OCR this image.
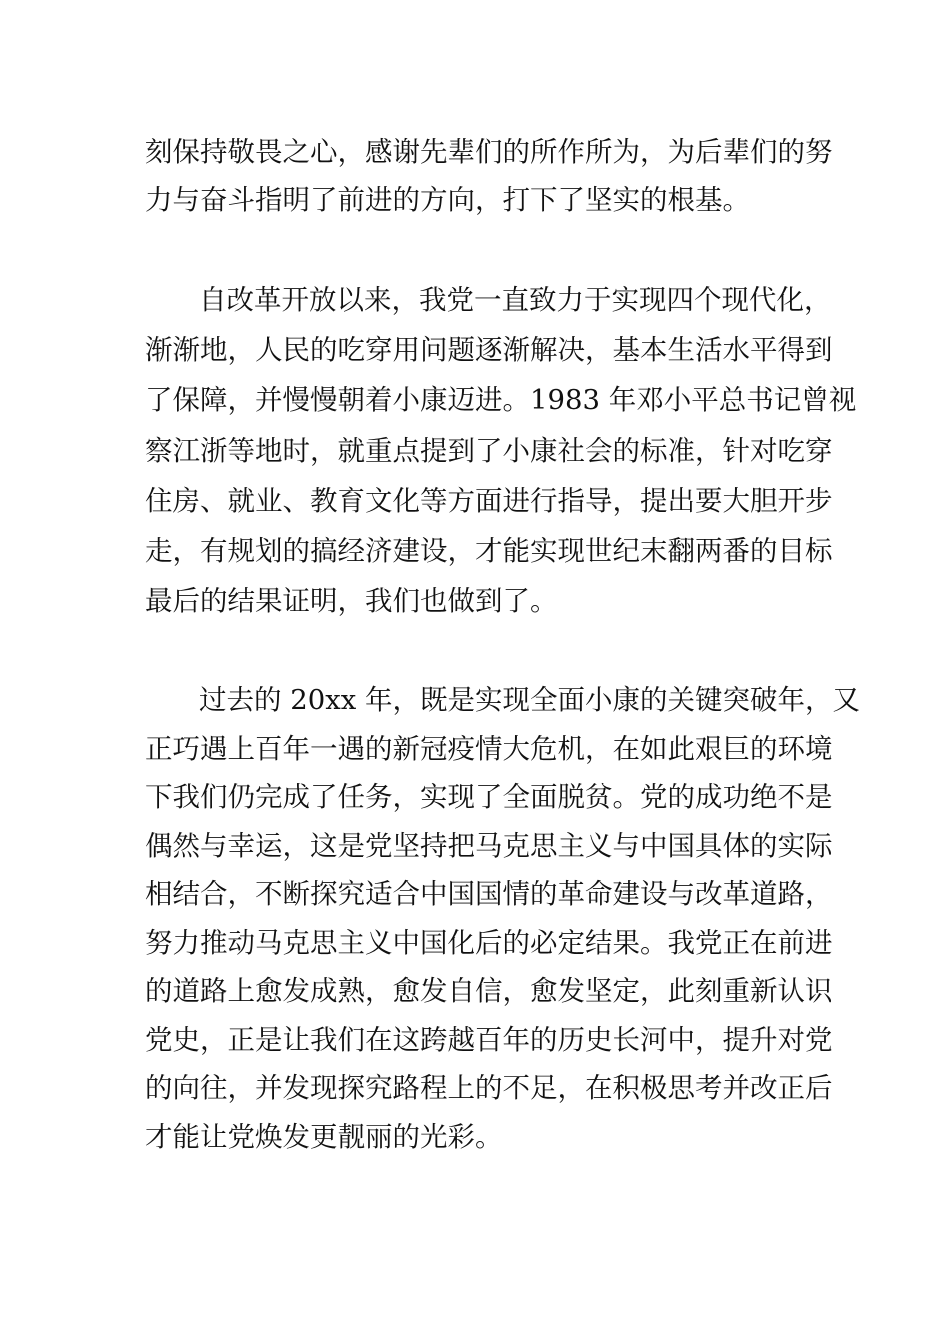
刻保持敬畏之心，感谢先辈们的所作所为，为后辈们的努
力与奋斗指明了前进的方向，打下了坚实的根基。
自改革开放以来，我党一直致力于实现四个现代化，
渐渐地，人民的吃穿用问题逐渐解决，基本生活水平得到
了保障，并慢慢朝着小康迈进。1983 年邓小平总书记曾视
察江浙等地时，就重点提到了小康社会的标准，针对吃穿
住房、就业、教育文化等方面进行指导，提出要大胆开步
走，有规划的搞经济建设，才能实现世纪末翻两番的目标
最后的结果证明，我们也做到了。
过去的 20xx 年，既是实现全面小康的关键突破年，又
正巧遇上百年一遇的新冠疫情大危机，在如此艰巨的环境
下我们仍完成了任务，实现了全面脱贫。党的成功绝不是
偶然与幸运，这是党坚持把马克思主义与中国具体的实际
相结合，不断探究适合中国国情的革命建设与改革道路，
努力推动马克思主义中国化后的必定结果。我党正在前进
的道路上愈发成熟，愈发自信，愈发坚定，此刻重新认识
党史，正是让我们在这跨越百年的历史长河中，提升对党
的向往，并发现探究路程上的不足，在积极思考并改正后
才能让党焕发更靓丽的光彩。
